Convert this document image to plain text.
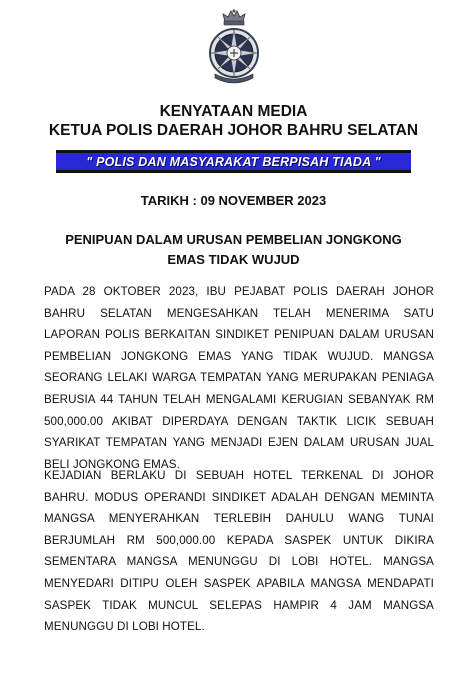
KENYATAAN MEDIA
KETUA POLIS DAERAH JOHOR BAHRU SELATAN
" POLIS DAN MASYARAKAT BERPISAH TIADA "
TARIKH : 09 NOVEMBER 2023
PENIPUAN DALAM URUSAN PEMBELIAN JONGKONG EMAS TIDAK WUJUD

PADA 28 OKTOBER 2023, IBU PEJABAT POLIS DAERAH JOHOR BAHRU SELATAN MENGESAHKAN TELAH MENERIMA SATU LAPORAN POLIS BERKAITAN SINDIKET PENIPUAN DALAM URUSAN PEMBELIAN JONGKONG EMAS YANG TIDAK WUJUD. MANGSA SEORANG LELAKI WARGA TEMPATAN YANG MERUPAKAN PENIAGA BERUSIA 44 TAHUN TELAH MENGALAMI KERUGIAN SEBANYAK RM 500,000.00 AKIBAT DIPERDAYA DENGAN TAKTIK LICIK SEBUAH SYARIKAT TEMPATAN YANG MENJADI EJEN DALAM URUSAN JUAL BELI JONGKONG EMAS.

KEJADIAN BERLAKU DI SEBUAH HOTEL TERKENAL DI JOHOR BAHRU. MODUS OPERANDI SINDIKET ADALAH DENGAN MEMINTA MANGSA MENYERAHKAN TERLEBIH DAHULU WANG TUNAI BERJUMLAH RM 500,000.00 KEPADA SASPEK UNTUK DIKIRA SEMENTARA MANGSA MENUNGGU DI LOBI HOTEL. MANGSA MENYEDARI DITIPU OLEH SASPEK APABILA MANGSA MENDAPATI SASPEK TIDAK MUNCUL SELEPAS HAMPIR 4 JAM MANGSA MENUNGGU DI LOBI HOTEL.
